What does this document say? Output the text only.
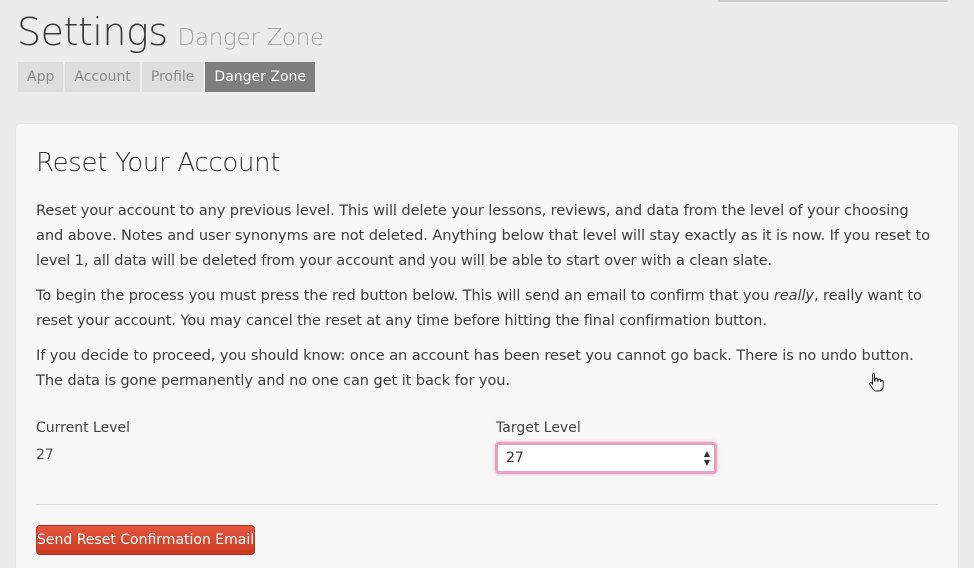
Settings Danger Zone
App	Account	Profile	Danger Zone
Reset Your Account

Reset your account to any previous level. This will delete your lessons, reviews, and data from the level of your choosing and above. Notes and user synonyms are not deleted. Anything below that level will stay exactly as it is now. If you reset to level 1, all data will be deleted from your account and you will be able to start over with a clean slate.

To begin the process you must press the red button below. This will send an email to confirm that you really, really want to reset your account. You may cancel the reset at any time before hitting the final confirmation button.

If you decide to proceed, you should know: once an account has been reset you cannot go back. There is no undo button. The data is gone permanently and no one can get it back for you.

Current Level
27
Target Level
27	▲
▼
Send Reset Confirmation Email
